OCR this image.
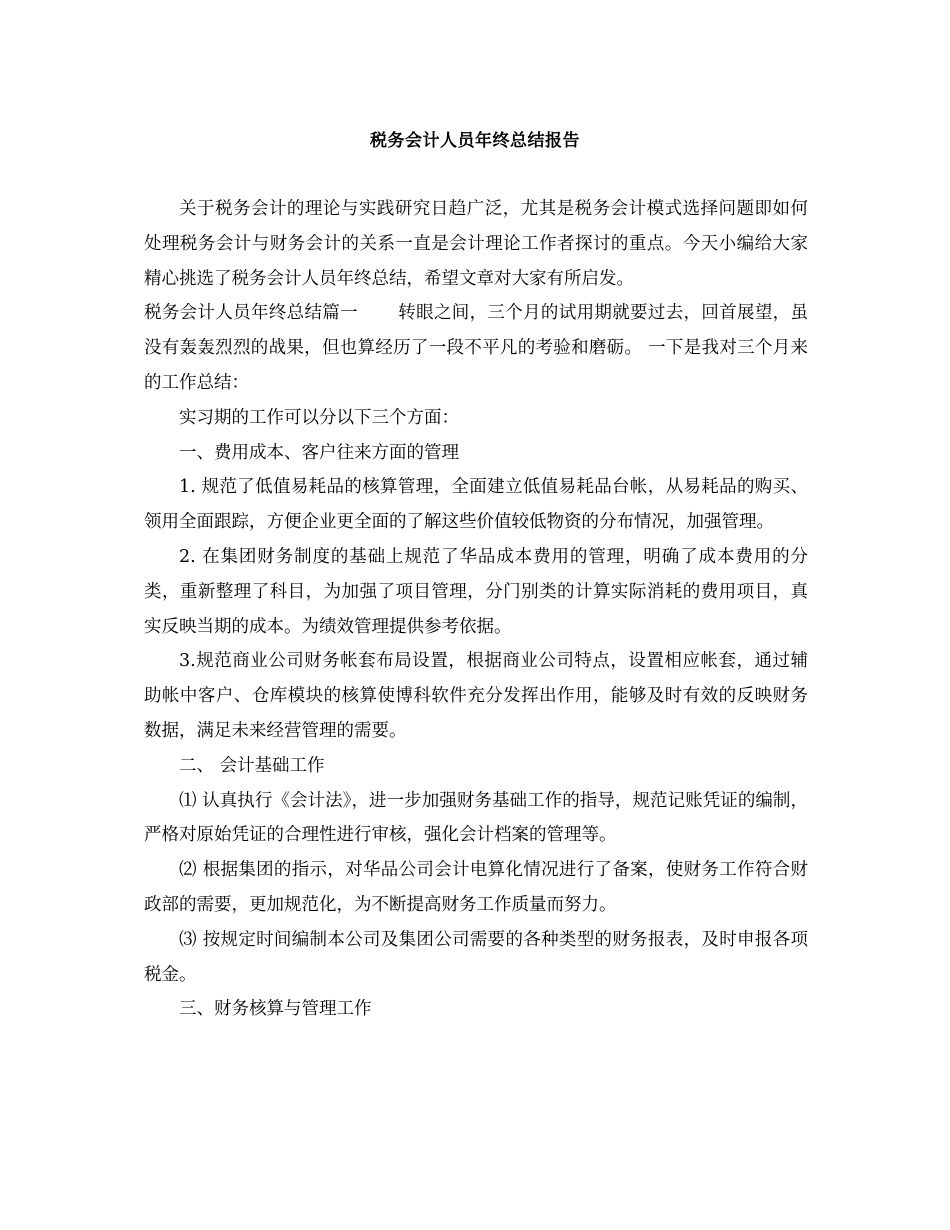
税务会计人员年终总结报告

关于税务会计的理论与实践研究日趋广泛，尤其是税务会计模式选择问题即如何处理税务会计与财务会计的关系一直是会计理论工作者探讨的重点。今天小编给大家精心挑选了税务会计人员年终总结，希望文章对大家有所启发。

税务会计人员年终总结篇一 转眼之间，三个月的试用期就要过去，回首展望，虽没有轰轰烈烈的战果，但也算经历了一段不平凡的考验和磨砺。 一下是我对三个月来的工作总结：

实习期的工作可以分以下三个方面：

一、费用成本、客户往来方面的管理

1. 规范了低值易耗品的核算管理，全面建立低值易耗品台帐，从易耗品的购买、领用全面跟踪，方便企业更全面的了解这些价值较低物资的分布情况，加强管理。

2. 在集团财务制度的基础上规范了华品成本费用的管理，明确了成本费用的分类，重新整理了科目，为加强了项目管理，分门别类的计算实际消耗的费用项目，真实反映当期的成本。为绩效管理提供参考依据。

3.规范商业公司财务帐套布局设置，根据商业公司特点，设置相应帐套，通过辅助帐中客户、仓库模块的核算使博科软件充分发挥出作用，能够及时有效的反映财务数据，满足未来经营管理的需要。

二、 会计基础工作

⑴ 认真执行《会计法》，进一步加强财务基础工作的指导，规范记账凭证的编制，严格对原始凭证的合理性进行审核，强化会计档案的管理等。

⑵ 根据集团的指示，对华品公司会计电算化情况进行了备案，使财务工作符合财政部的需要，更加规范化，为不断提高财务工作质量而努力。

⑶ 按规定时间编制本公司及集团公司需要的各种类型的财务报表，及时申报各项税金。

三、财务核算与管理工作
